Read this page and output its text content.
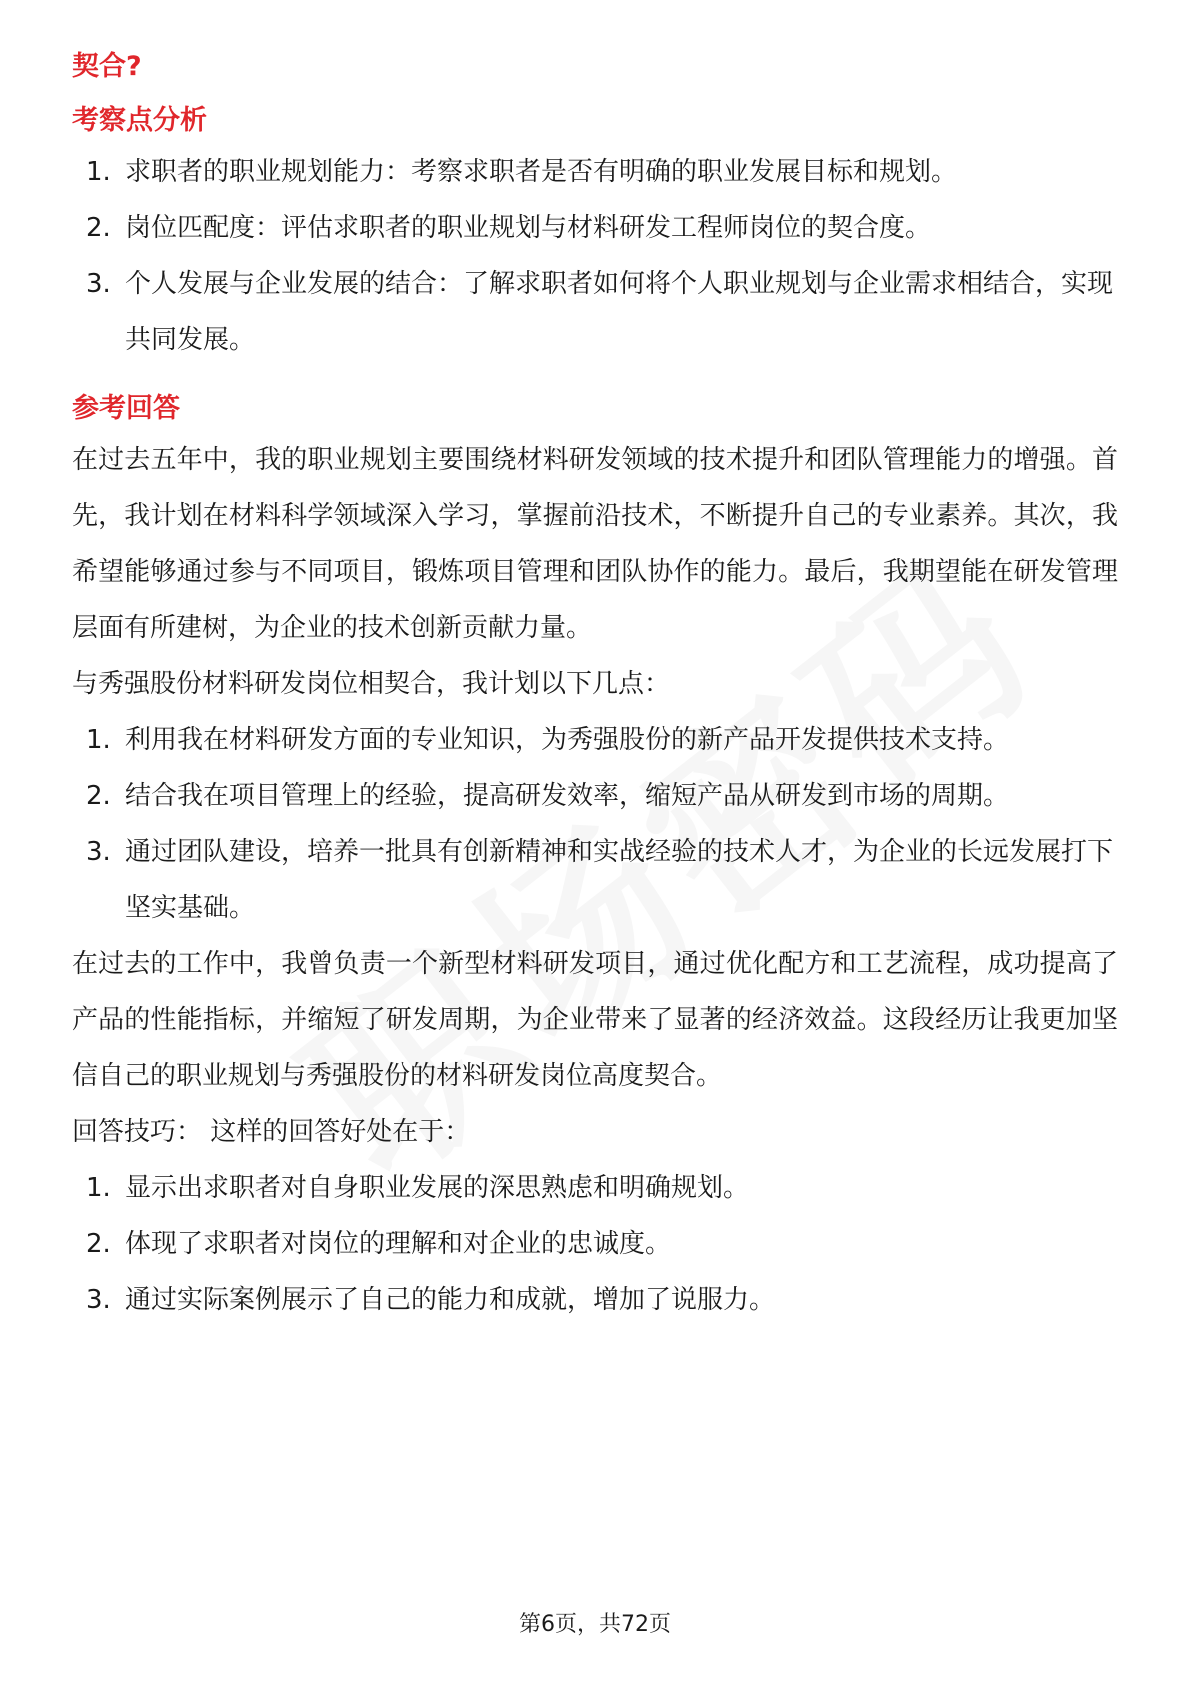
契合?
考察点分析
1. 求职者的职业规划能力：考察求职者是否有明确的职业发展目标和规划。
2. 岗位匹配度：评估求职者的职业规划与材料研发工程师岗位的契合度。
3. 个人发展与企业发展的结合：了解求职者如何将个人职业规划与企业需求相结合，实现共同发展。
参考回答

在过去五年中，我的职业规划主要围绕材料研发领域的技术提升和团队管理能力的增强。首先，我计划在材料科学领域深入学习，掌握前沿技术，不断提升自己的专业素养。其次，我希望能够通过参与不同项目，锻炼项目管理和团队协作的能力。最后，我期望能在研发管理层面有所建树，为企业的技术创新贡献力量。

与秀强股份材料研发岗位相契合，我计划以下几点：

1. 利用我在材料研发方面的专业知识，为秀强股份的新产品开发提供技术支持。
2. 结合我在项目管理上的经验，提高研发效率，缩短产品从研发到市场的周期。
3. 通过团队建设，培养一批具有创新精神和实战经验的技术人才，为企业的长远发展打下坚实基础。

在过去的工作中，我曾负责一个新型材料研发项目，通过优化配方和工艺流程，成功提高了产品的性能指标，并缩短了研发周期，为企业带来了显著的经济效益。这段经历让我更加坚信自己的职业规划与秀强股份的材料研发岗位高度契合。

回答技巧： 这样的回答好处在于：

1. 显示出求职者对自身职业发展的深思熟虑和明确规划。
2. 体现了求职者对岗位的理解和对企业的忠诚度。
3. 通过实际案例展示了自己的能力和成就，增加了说服力。
第6页，共72页
